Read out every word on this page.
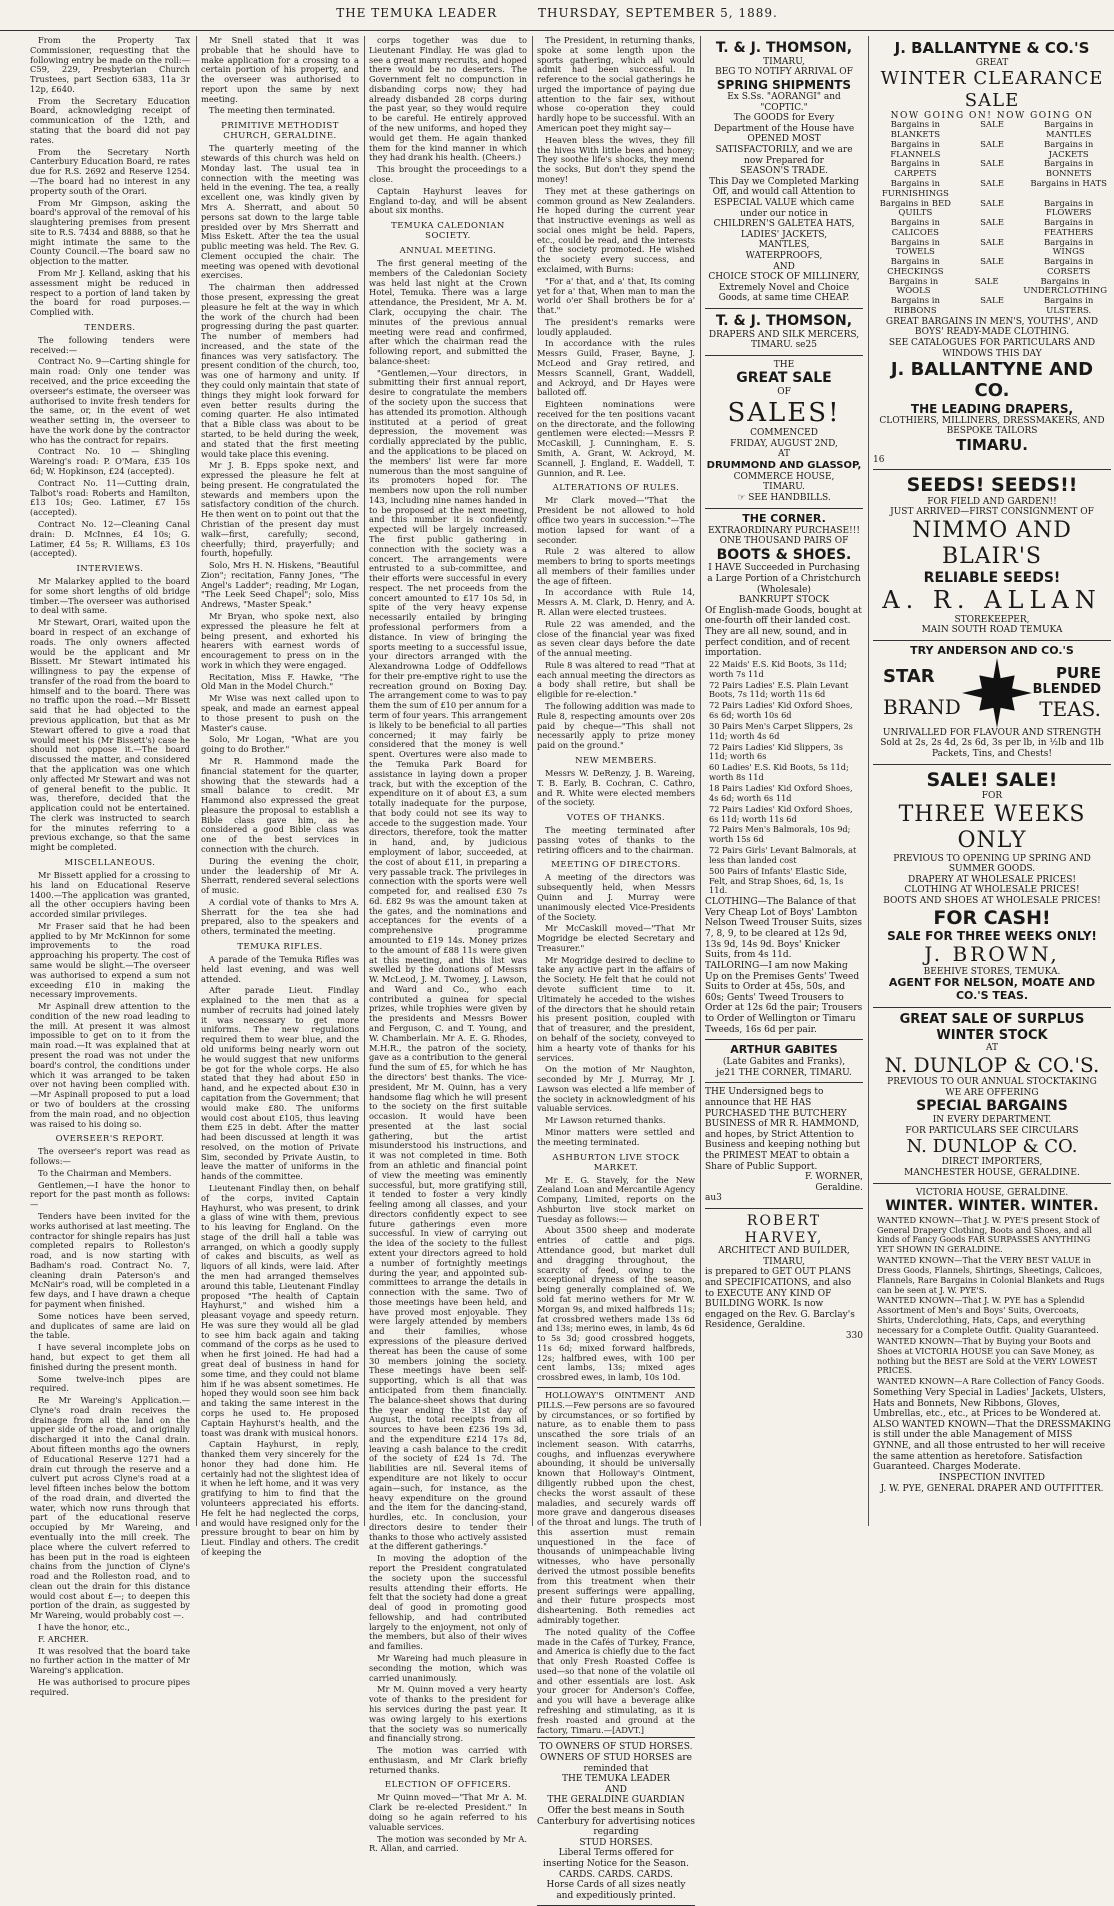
THE TEMUKA LEADER	THURSDAY, SEPTEMBER 5, 1889.

From the Property Tax Commissioner, requesting that the following entry be made on the roll:—C59, 229, Presbyterian Church Trustees, part Section 6383, 11a 3r 12p, £640.

From the Secretary Education Board, acknowledging receipt of communication of the 12th, and stating that the board did not pay rates.

From the Secretary North Canterbury Education Board, re rates due for R.S. 2692 and Reserve 1254.—The board had no interest in any property south of the Orari.

From Mr Gimpson, asking the board's approval of the removal of his slaughtering premises from present site to R.S. 7434 and 8888, so that he might intimate the same to the County Council.—The board saw no objection to the matter.

From Mr J. Kelland, asking that his assessment might be reduced in respect to a portion of land taken by the board for road purposes.—Complied with.

TENDERS.

The following tenders were received:—

Contract No. 9—Carting shingle for main road: Only one tender was received, and the price exceeding the overseer's estimate, the overseer was authorised to invite fresh tenders for the same, or, in the event of wet weather setting in, the overseer to have the work done by the contractor who has the contract for repairs.

Contract No. 10 — Shingling Wareing's road: P. O'Mara, £35 10s 6d; W. Hopkinson, £24 (accepted).

Contract No. 11—Cutting drain, Talbot's road: Roberts and Hamilton, £13 10s; Geo. Latimer, £7 15s (accepted).

Contract No. 12—Cleaning Canal drain: D. McInnes, £4 10s; G. Latimer, £4 5s; R. Williams, £3 10s (accepted).

INTERVIEWS.

Mr Malarkey applied to the board for some short lengths of old bridge timber.—The overseer was authorised to deal with same.

Mr Stewart, Orari, waited upon the board in respect of an exchange of roads. The only owners affected would be the applicant and Mr Bissett. Mr Stewart intimated his willingness to pay the expense of transfer of the road from the board to himself and to the board. There was no traffic upon the road.—Mr Bissett said that he had objected to the previous application, but that as Mr Stewart offered to give a road that would meet his (Mr Bissett's) case he should not oppose it.—The board discussed the matter, and considered that the application was one which only affected Mr Stewart and was not of general benefit to the public. It was, therefore, decided that the application could not be entertained. The clerk was instructed to search for the minutes referring to a previous exchange, so that the same might be completed.

MISCELLANEOUS.

Mr Bissett applied for a crossing to his land on Educational Reserve 1400.—The application was granted, all the other occupiers having been accorded similar privileges.

Mr Fraser said that he had been applied to by Mr McKinnon for some improvements to the road approaching his property. The cost of same would be slight.—The overseer was authorised to expend a sum not exceeding £10 in making the necessary improvements.

Mr Aspinall drew attention to the condition of the new road leading to the mill. At present it was almost impossible to get on to it from the main road.—It was explained that at present the road was not under the board's control, the conditions under which it was arranged to be taken over not having been complied with.—Mr Aspinall proposed to put a load or two of boulders at the crossing from the main road, and no objection was raised to his doing so.

OVERSEER'S REPORT.

The overseer's report was read as follows:—

To the Chairman and Members.

Gentlemen,—I have the honor to report for the past month as follows:—

Tenders have been invited for the works authorised at last meeting. The contractor for shingle repairs has just completed repairs to Rolleston's road, and is now starting with Badham's road. Contract No. 7, cleaning drain Paterson's and McNair's road, will be completed in a few days, and I have drawn a cheque for payment when finished.

Some notices have been served, and duplicates of same are laid on the table.

I have several incomplete jobs on hand, but expect to get them all finished during the present month.

Some twelve-inch pipes are required.

Re Mr Wareing's Application.—Clyne's road drain receives the drainage from all the land on the upper side of the road, and originally discharged it into the Canal drain. About fifteen months ago the owners of Educational Reserve 1271 had a drain cut through the reserve and a culvert put across Clyne's road at a level fifteen inches below the bottom of the road drain, and diverted the water, which now runs through that part of the educational reserve occupied by Mr Wareing, and eventually into the mill creek. The place where the culvert referred to has been put in the road is eighteen chains from the junction of Clyne's road and the Rolleston road, and to clean out the drain for this distance would cost about £—; to deepen this portion of the drain, as suggested by Mr Wareing, would probably cost —.

I have the honor, etc.,

F. ARCHER.

It was resolved that the board take no further action in the matter of Mr Wareing's application.

He was authorised to procure pipes required.

Mr Snell stated that it was probable that he should have to make application for a crossing to a certain portion of his property, and the overseer was authorised to report upon the same by next meeting.

The meeting then terminated.

PRIMITIVE METHODIST CHURCH, GERALDINE.

The quarterly meeting of the stewards of this church was held on Monday last. The usual tea in connection with the meeting was held in the evening. The tea, a really excellent one, was kindly given by Mrs A. Sherratt, and about 50 persons sat down to the large table presided over by Mrs Sherratt and Miss Eskett. After the tea the usual public meeting was held. The Rev. G. Clement occupied the chair. The meeting was opened with devotional exercises.

The chairman then addressed those present, expressing the great pleasure he felt at the way in which the work of the church had been progressing during the past quarter. The number of members had increased, and the state of the finances was very satisfactory. The present condition of the church, too, was one of harmony and unity. If they could only maintain that state of things they might look forward for even better results during the coming quarter. He also intimated that a Bible class was about to be started, to be held during the week, and stated that the first meeting would take place this evening.

Mr J. B. Epps spoke next, and expressed the pleasure he felt at being present. He congratulated the stewards and members upon the satisfactory condition of the church. He then went on to point out that the Christian of the present day must walk—first, carefully; second, cheerfully; third, prayerfully; and fourth, hopefully.

Solo, Mrs H. N. Hiskens, "Beautiful Zion"; recitation, Fanny Jones, "The Angel's Ladder"; reading, Mr Logan, "The Leek Seed Chapel"; solo, Miss Andrews, "Master Speak."

Mr Bryan, who spoke next, also expressed the pleasure he felt at being present, and exhorted his hearers with earnest words of encouragement to press on in the work in which they were engaged.

Recitation, Miss F. Hawke, "The Old Man in the Model Church."

Mr Wise was next called upon to speak, and made an earnest appeal to those present to push on the Master's cause.

Solo, Mr Logan, "What are you going to do Brother."

Mr R. Hammond made the financial statement for the quarter, showing that the stewards had a small balance to credit. Mr Hammond also expressed the great pleasure the proposal to establish a Bible class gave him, as he considered a good Bible class was one of the best services in connection with the church.

During the evening the choir, under the leadership of Mr A. Sherratt, rendered several selections of music.

A cordial vote of thanks to Mrs A. Sherratt for the tea she had prepared, also to the speakers and others, terminated the meeting.

TEMUKA RIFLES.

A parade of the Temuka Rifles was held last evening, and was well attended.

After parade Lieut. Findlay explained to the men that as a number of recruits had joined lately it was necessary to get more uniforms. The new regulations required them to wear blue, and the old uniforms being nearly worn out he would suggest that new uniforms be got for the whole corps. He also stated that they had about £50 in hand, and he expected about £30 in capitation from the Government; that would make £80. The uniforms would cost about £105, thus leaving them £25 in debt. After the matter had been discussed at length it was resolved, on the motion of Private Sim, seconded by Private Austin, to leave the matter of uniforms in the hands of the committee.

Lieutenant Findlay then, on behalf of the corps, invited Captain Hayhurst, who was present, to drink a glass of wine with them, previous to his leaving for England. On the stage of the drill hall a table was arranged, on which a goodly supply of cakes and biscuits, as well as liquors of all kinds, were laid. After the men had arranged themselves around this table, Lieutenant Findlay proposed "The health of Captain Hayhurst," and wished him a pleasant voyage and speedy return. He was sure they would all be glad to see him back again and taking command of the corps as he used to when he first joined. He had had a great deal of business in hand for some time, and they could not blame him if he was absent sometimes. He hoped they would soon see him back and taking the same interest in the corps he used to. He proposed Captain Hayhurst's health, and the toast was drank with musical honors.

Captain Hayhurst, in reply, thanked them very sincerely for the honor they had done him. He certainly had not the slightest idea of it when he left home, and it was very gratifying to him to find that the volunteers appreciated his efforts. He felt he had neglected the corps, and would have resigned only for the pressure brought to bear on him by Lieut. Findlay and others. The credit of keeping the

corps together was due to Lieutenant Findlay. He was glad to see a great many recruits, and hoped there would be no deserters. The Government felt no compunction in disbanding corps now; they had already disbanded 28 corps during the past year, so they would require to be careful. He entirely approved of the new uniforms, and hoped they would get them. He again thanked them for the kind manner in which they had drank his health. (Cheers.)

This brought the proceedings to a close.

Captain Hayhurst leaves for England to-day, and will be absent about six months.

TEMUKA CALEDONIAN SOCIETY.
ANNUAL MEETING.

The first general meeting of the members of the Caledonian Society was held last night at the Crown Hotel, Temuka. There was a large attendance, the President, Mr A. M. Clark, occupying the chair. The minutes of the previous annual meeting were read and confirmed, after which the chairman read the following report, and submitted the balance-sheet:

"Gentlemen,—Your directors, in submitting their first annual report, desire to congratulate the members of the society upon the success that has attended its promotion. Although instituted at a period of great depression, the movement was cordially appreciated by the public, and the applications to be placed on the members' list were far more numerous than the most sanguine of its promoters hoped for. The members now upon the roll number 143, including nine names handed in to be proposed at the next meeting, and this number it is confidently expected will be largely increased. The first public gathering in connection with the society was a concert. The arrangements were entrusted to a sub-committee, and their efforts were successful in every respect. The net proceeds from the concert amounted to £17 10s 5d, in spite of the very heavy expense necessarily entailed by bringing professional performers from a distance. In view of bringing the sports meeting to a successful issue, your directors arranged with the Alexandrowna Lodge of Oddfellows for their pre-emptive right to use the recreation ground on Boxing Day. The arrangement come to was to pay them the sum of £10 per annum for a term of four years. This arrangement is likely to be beneficial to all parties concerned; it may fairly be considered that the money is well spent. Overtures were also made to the Temuka Park Board for assistance in laying down a proper track, but with the exception of the expenditure on it of about £3, a sum totally inadequate for the purpose, that body could not see its way to accede to the suggestion made. Your directors, therefore, took the matter in hand, and, by judicious employment of labor, succeeded, at the cost of about £11, in preparing a very passable track. The privileges in connection with the sports were well competed for, and realised £30 7s 6d. £82 9s was the amount taken at the gates, and the nominations and acceptances for the events of a comprehensive programme amounted to £19 14s. Money prizes to the amount of £88 11s were given at this meeting, and this list was swelled by the donations of Messrs W. McLeod, J. M. Twomey, J. Lawson, and Ward and Co., who each contributed a guinea for special prizes, while trophies were given by the presidents and Messrs Bower and Ferguson, C. and T. Young, and W. Chamberlain. Mr A. E. G. Rhodes, M.H.R., the patron of the society, gave as a contribution to the general fund the sum of £5, for which he has the directors' best thanks. The vice-president, Mr M. Quinn, has a very handsome flag which he will present to the society on the first suitable occasion. It would have been presented at the last social gathering, but the artist misunderstood his instructions, and it was not completed in time. Both from an athletic and financial point of view the meeting was eminently successful, but, more gratifying still, it tended to foster a very kindly feeling among all classes, and your directors confidently expect to see future gatherings even more successful. In view of carrying out the idea of the society to the fullest extent your directors agreed to hold a number of fortnightly meetings during the year, and appointed sub-committees to arrange the details in connection with the same. Two of those meetings have been held, and have proved most enjoyable. They were largely attended by members and their families, whose expressions of the pleasure derived thereat has been the cause of some 30 members joining the society. These meetings have been self-supporting, which is all that was anticipated from them financially. The balance-sheet shows that during the year ending the 31st day of August, the total receipts from all sources to have been £236 19s 3d, and the expenditure £214 17s 8d, leaving a cash balance to the credit of the society of £24 1s 7d. The liabilities are nil. Several items of expenditure are not likely to occur again—such, for instance, as the heavy expenditure on the ground and the item for the dancing-stand, hurdles, etc. In conclusion, your directors desire to tender their thanks to those who actively assisted at the different gatherings."

In moving the adoption of the report the President congratulated the society upon the successful results attending their efforts. He felt that the society had done a great deal of good in promoting good fellowship, and had contributed largely to the enjoyment, not only of the members, but also of their wives and families.

Mr Wareing had much pleasure in seconding the motion, which was carried unanimously.

Mr M. Quinn moved a very hearty vote of thanks to the president for his services during the past year. It was owing largely to his exertions that the society was so numerically and financially strong.

The motion was carried with enthusiasm, and Mr Clark briefly returned thanks.

ELECTION OF OFFICERS.

Mr Quinn moved—"That Mr A. M. Clark be re-elected President." In doing so he again referred to his valuable services.

The motion was seconded by Mr A. R. Allan, and carried.

The President, in returning thanks, spoke at some length upon the sports gathering, which all would admit had been successful. In reference to the social gatherings he urged the importance of paying due attention to the fair sex, without whose co-operation they could hardly hope to be successful. With an American poet they might say—

Heaven bless the wives, they fill the hives With little bees and honey; They soothe life's shocks, they mend the socks, But don't they spend the money!

They met at these gatherings on common ground as New Zealanders. He hoped during the current year that instructive evenings as well as social ones might be held. Papers, etc., could be read, and the interests of the society promoted. He wished the society every success, and exclaimed, with Burns:

"For a' that, and a' that, Its coming yet for a' that, When man to man the world o'er Shall brothers be for a' that."

The president's remarks were loudly applauded.

In accordance with the rules Messrs Guild, Fraser, Bayne, J. McLeod and Gray retired, and Messrs Scannell, Grant, Waddell, and Ackroyd, and Dr Hayes were balloted off.

Eighteen nominations were received for the ten positions vacant on the directorate, and the following gentlemen were elected:—Messrs P. McCaskill, J. Cunningham, E. S. Smith, A. Grant, W. Ackroyd, M. Scannell, J. England, E. Waddell, T. Gunnion, and R. Lee.

ALTERATIONS OF RULES.

Mr Clark moved—"That the President be not allowed to hold office two years in succession."—The motion lapsed for want of a seconder.

Rule 2 was altered to allow members to bring to sports meetings all members of their families under the age of fifteen.

In accordance with Rule 14, Messrs A. M. Clark, D. Henry, and A. R. Allan were elected trustees.

Rule 22 was amended, and the close of the financial year was fixed as seven clear days before the date of the annual meeting.

Rule 8 was altered to read "That at each annual meeting the directors as a body shall retire, but shall be eligible for re-election."

The following addition was made to Rule 8, respecting amounts over 20s paid by cheque—"This shall not necessarily apply to prize money paid on the ground."

NEW MEMBERS.

Messrs W. DeRenzy, J. B. Wareing, T. B. Early, B. Cochran, C. Cathro, and R. White were elected members of the society.

VOTES OF THANKS.

The meeting terminated after passing votes of thanks to the retiring officers and to the chairman.

MEETING OF DIRECTORS.

A meeting of the directors was subsequently held, when Messrs Quinn and J. Murray were unanimously elected Vice-Presidents of the Society.

Mr McCaskill moved—"That Mr Mogridge be elected Secretary and Treasurer."

Mr Mogridge desired to decline to take any active part in the affairs of the Society. He felt that he could not devote sufficient time to it. Ultimately he acceded to the wishes of the directors that he should retain his present position, coupled with that of treasurer, and the president, on behalf of the society, conveyed to him a hearty vote of thanks for his services.

On the motion of Mr Naughton, seconded by Mr J. Murray, Mr J. Lawson was elected a life member of the society in acknowledgment of his valuable services.

Mr Lawson returned thanks.

Minor matters were settled and the meeting terminated.

ASHBURTON LIVE STOCK MARKET.

Mr E. G. Stavely, for the New Zealand Loan and Mercantile Agency Company, Limited, reports on the Ashburton live stock market on Tuesday as follows:—

About 3500 sheep and moderate entries of cattle and pigs. Attendance good, but market dull and dragging throughout, the scarcity of feed, owing to the exceptional dryness of the season, being generally complained of. We sold fat merino wethers for Mr W. Morgan 9s, and mixed halfbreds 11s; fat crossbred wethers made 13s 6d and 13s; merino ewes, in lamb, 4s 6d to 5s 3d; good crossbred hoggets, 11s 6d; mixed forward halfbreds, 12s; halfbred ewes, with 100 per cent lambs, 13s; mixed ages crossbred ewes, in lamb, 10s 10d.

HOLLOWAY'S OINTMENT AND PILLS.—Few persons are so favoured by circumstances, or so fortified by nature, as to enable them to pass unscathed the sore trials of an inclement season. With catarrhs, coughs, and influenzas everywhere abounding, it should be universally known that Holloway's Ointment, diligently rubbed upon the chest, checks the worst assault of these maladies, and securely wards off more grave and dangerous diseases of the throat and lungs. The truth of this assertion must remain unquestioned in the face of thousands of unimpeachable living witnesses, who have personally derived the utmost possible benefits from this treatment when their present sufferings were appalling, and their future prospects most disheartening. Both remedies act admirably together.

The noted quality of the Coffee made in the Cafés of Turkey, France, and America is chiefly due to the fact that only Fresh Roasted Coffee is used—so that none of the volatile oil and other essentials are lost. Ask your grocer for Anderson's Coffee, and you will have a beverage alike refreshing and stimulating, as it is fresh roasted and ground at the factory, Timaru.—[ADVT.]

TO OWNERS OF STUD HORSES.
OWNERS OF STUD HORSES are reminded that
THE TEMUKA LEADER
AND
THE GERALDINE GUARDIAN
Offer the best means in South Canterbury for advertising notices regarding
STUD HORSES.
Liberal Terms offered for inserting Notice for the Season.
CARDS. CARDS. CARDS.
Horse Cards of all sizes neatly and expeditiously printed.
T. & J. THOMSON,
TIMARU,
BEG TO NOTIFY ARRIVAL OF
SPRING SHIPMENTS
Ex S.Ss. "AORANGI" and "COPTIC."
The GOODS for Every Department of the House have OPENED MOST SATISFACTORILY, and we are now Prepared for
SEASON'S TRADE.
This Day we Completed Marking Off, and would call Attention to ESPECIAL VALUE which came under our notice in
CHILDREN'S GALETEA HATS,
LADIES' JACKETS,
MANTLES,
WATERPROOFS,
AND
CHOICE STOCK OF MILLINERY,
Extremely Novel and Choice Goods, at same time CHEAP.
T. & J. THOMSON,
DRAPERS AND SILK MERCERS,
TIMARU. se25
THE
GREAT SALE
OF
SALES!
COMMENCED
FRIDAY, AUGUST 2ND,
AT
DRUMMOND AND GLASSOP,
COMMERCE HOUSE,
TIMARU.
☞ SEE HANDBILLS.
THE CORNER.
EXTRAORDINARY PURCHASE!!!
ONE THOUSAND PAIRS OF
BOOTS & SHOES.
I HAVE Succeeded in Purchasing a Large Portion of a Christchurch (Wholesale)
BANKRUPT STOCK
Of English-made Goods, bought at one-fourth off their landed cost. They are all new, sound, and in perfect condition, and of recent importation.
22 Maids' E.S. Kid Boots, 3s 11d; worth 7s 11d
72 Pairs Ladies' E.S. Plain Levant Boots, 7s 11d; worth 11s 6d
72 Pairs Ladies' Kid Oxford Shoes, 6s 6d; worth 10s 6d
30 Pairs Men's Carpet Slippers, 2s 11d; worth 4s 6d
72 Pairs Ladies' Kid Slippers, 3s 11d; worth 6s
60 Ladies' E.S. Kid Boots, 5s 11d; worth 8s 11d
18 Pairs Ladies' Kid Oxford Shoes, 4s 6d; worth 6s 11d
72 Pairs Ladies' Kid Oxford Shoes, 6s 11d; worth 11s 6d
72 Pairs Men's Balmorals, 10s 9d; worth 15s 6d
72 Pairs Girls' Levant Balmorals, at less than landed cost
500 Pairs of Infants' Elastic Side, Felt, and Strap Shoes, 6d, 1s, 1s 11d.
CLOTHING—The Balance of that Very Cheap Lot of Boys' Lambton Nelson Tweed Trouser Suits, sizes 7, 8, 9, to be cleared at 12s 9d, 13s 9d, 14s 9d. Boys' Knicker Suits, from 4s 11d.
TAILORING—I am now Making Up on the Premises Gents' Tweed Suits to Order at 45s, 50s, and 60s; Gents' Tweed Trousers to Order at 12s 6d the pair; Trousers to Order of Wellington or Timaru Tweeds, 16s 6d per pair.
ARTHUR GABITES
(Late Gabites and Franks),
je21 THE CORNER, TIMARU.
THE Undersigned begs to announce that HE HAS PURCHASED THE BUTCHERY BUSINESS of MR R. HAMMOND, and hopes, by Strict Attention to Business and keeping nothing but the PRIMEST MEAT to obtain a Share of Public Support.
F. WORNER,
Geraldine.
au3
ROBERT HARVEY,
ARCHITECT AND BUILDER, TIMARU,
is prepared to GET OUT PLANS and SPECIFICATIONS, and also to EXECUTE ANY KIND OF BUILDING WORK. Is now engaged on the Rev. G. Barclay's Residence, Geraldine.
330
J. BALLANTYNE & CO.'S
GREAT
WINTER CLEARANCE SALE
NOW GOING ON! NOW GOING ON
Bargains in BLANKETS
SALE	Bargains in MANTLES
Bargains in FLANNELS
SALE	Bargains in JACKETS
Bargains in CARPETS
SALE	Bargains in BONNETS
Bargains in FURNISHINGS
SALE	Bargains in HATS
Bargains in BED QUILTS
SALE	Bargains in FLOWERS
Bargains in CALICOES
SALE	Bargains in FEATHERS
Bargains in TOWELS
SALE	Bargains in WINGS
Bargains in CHECKINGS
SALE	Bargains in CORSETS
Bargains in WOOLS
SALE	Bargains in UNDERCLOTHING
Bargains in RIBBONS
SALE	Bargains in ULSTERS.
GREAT BARGAINS IN MEN'S, YOUTHS', AND BOYS' READY-MADE CLOTHING.
SEE CATALOGUES FOR PARTICULARS AND WINDOWS THIS DAY
J. BALLANTYNE AND CO.
THE LEADING DRAPERS,
CLOTHIERS, MILLINERS, DRESSMAKERS, AND BESPOKE TAILORS
TIMARU.
16
SEEDS! SEEDS!!
FOR FIELD AND GARDEN!!
JUST ARRIVED—FIRST CONSIGNMENT OF
NIMMO AND BLAIR'S
RELIABLE SEEDS!
A. R. ALLAN
STOREKEEPER,
MAIN SOUTH ROAD TEMUKA
TRY ANDERSON AND CO.'S
STAR
BRAND
PURE
BLENDED
TEAS.
UNRIVALLED FOR FLAVOUR AND STRENGTH
Sold at 2s, 2s 4d, 2s 6d, 3s per lb, in ½lb and 1lb Packets, Tins, and Chests!
SALE! SALE!
FOR
THREE WEEKS ONLY
PREVIOUS TO OPENING UP SPRING AND SUMMER GOODS.
DRAPERY AT WHOLESALE PRICES!
CLOTHING AT WHOLESALE PRICES!
BOOTS AND SHOES AT WHOLESALE PRICES!
FOR CASH!
SALE FOR THREE WEEKS ONLY!
J. BROWN,
BEEHIVE STORES, TEMUKA.
AGENT FOR NELSON, MOATE AND CO.'S TEAS.
GREAT SALE OF SURPLUS WINTER STOCK
AT
N. DUNLOP & CO.'S.
PREVIOUS TO OUR ANNUAL STOCKTAKING
WE ARE OFFERING
SPECIAL BARGAINS
IN EVERY DEPARTMENT.
FOR PARTICULARS SEE CIRCULARS
N. DUNLOP & CO.
DIRECT IMPORTERS,
MANCHESTER HOUSE, GERALDINE.
VICTORIA HOUSE, GERALDINE.
WINTER. WINTER. WINTER.
WANTED KNOWN—That J. W. PYE'S present Stock of General Drapery Clothing, Boots and Shoes, and all kinds of Fancy Goods FAR SURPASSES ANYTHING YET SHOWN IN GERALDINE.
WANTED KNOWN—That the VERY BEST VALUE in Dress Goods, Flannels, Shirtings, Sheetings, Calicoes, Flannels, Rare Bargains in Colonial Blankets and Rugs can be seen at J. W. PYE'S.
WANTED KNOWN—That J. W. PYE has a Splendid Assortment of Men's and Boys' Suits, Overcoats, Shirts, Underclothing, Hats, Caps, and everything necessary for a Complete Outfit. Quality Guaranteed.
WANTED KNOWN—That by Buying your Boots and Shoes at VICTORIA HOUSE you can Save Money, as nothing but the BEST are Sold at the VERY LOWEST PRICES.
WANTED KNOWN—A Rare Collection of Fancy Goods.
Something Very Special in Ladies' Jackets, Ulsters, Hats and Bonnets, New Ribbons, Gloves, Umbrellas, etc., etc., at Prices to be Wondered at.
ALSO WANTED KNOWN—That the DRESSMAKING is still under the able Management of MISS GYNNE, and all those entrusted to her will receive the same attention as heretofore. Satisfaction Guaranteed. Charges Moderate.
INSPECTION INVITED
J. W. PYE, GENERAL DRAPER AND OUTFITTER.
